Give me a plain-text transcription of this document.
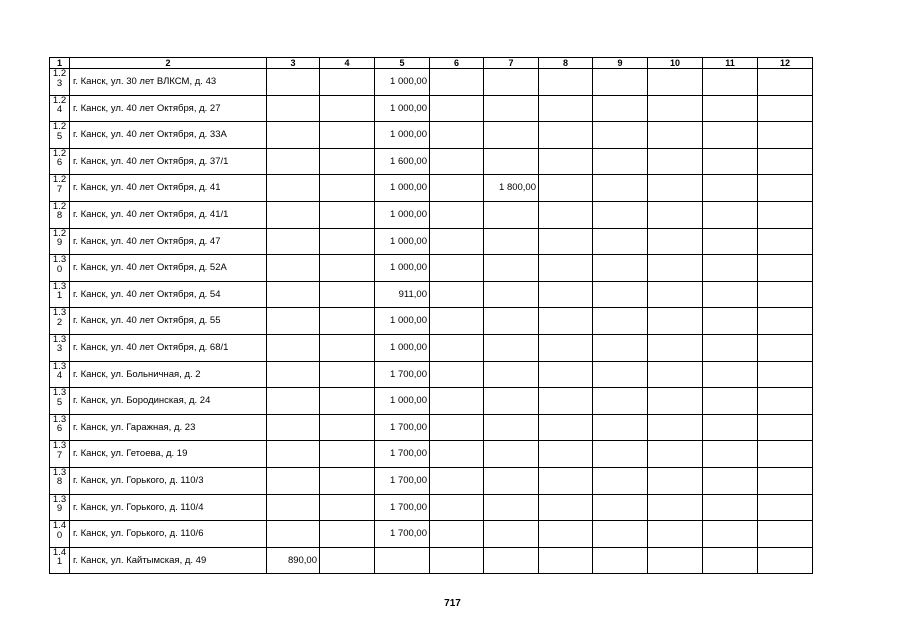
1	2	3	4	5	6	7	8	9	10	11	12

1.2
3	г. Канск, ул. 30 лет ВЛКСМ, д. 43			1 000,00							

1.2
4	г. Канск, ул. 40 лет Октября, д. 27			1 000,00							

1.2
5	г. Канск, ул. 40 лет Октября, д. 33А			1 000,00							

1.2
6	г. Канск, ул. 40 лет Октября, д. 37/1			1 600,00							

1.2
7	г. Канск, ул. 40 лет Октября, д. 41			1 000,00		1 800,00					

1.2
8	г. Канск, ул. 40 лет Октября, д. 41/1			1 000,00							

1.2
9	г. Канск, ул. 40 лет Октября, д. 47			1 000,00							

1.3
0	г. Канск, ул. 40 лет Октября, д. 52А			1 000,00							

1.3
1	г. Канск, ул. 40 лет Октября, д. 54			911,00							

1.3
2	г. Канск, ул. 40 лет Октября, д. 55			1 000,00							

1.3
3	г. Канск, ул. 40 лет Октября, д. 68/1			1 000,00							

1.3
4	г. Канск, ул. Больничная, д. 2			1 700,00							

1.3
5	г. Канск, ул. Бородинская, д. 24			1 000,00							

1.3
6	г. Канск, ул. Гаражная, д. 23			1 700,00							

1.3
7	г. Канск, ул. Гетоева, д. 19			1 700,00							

1.3
8	г. Канск, ул. Горького, д. 110/3			1 700,00							

1.3
9	г. Канск, ул. Горького, д. 110/4			1 700,00							

1.4
0	г. Канск, ул. Горького, д. 110/6			1 700,00							

1.4
1	г. Канск, ул. Кайтымская, д. 49	890,00									
717
